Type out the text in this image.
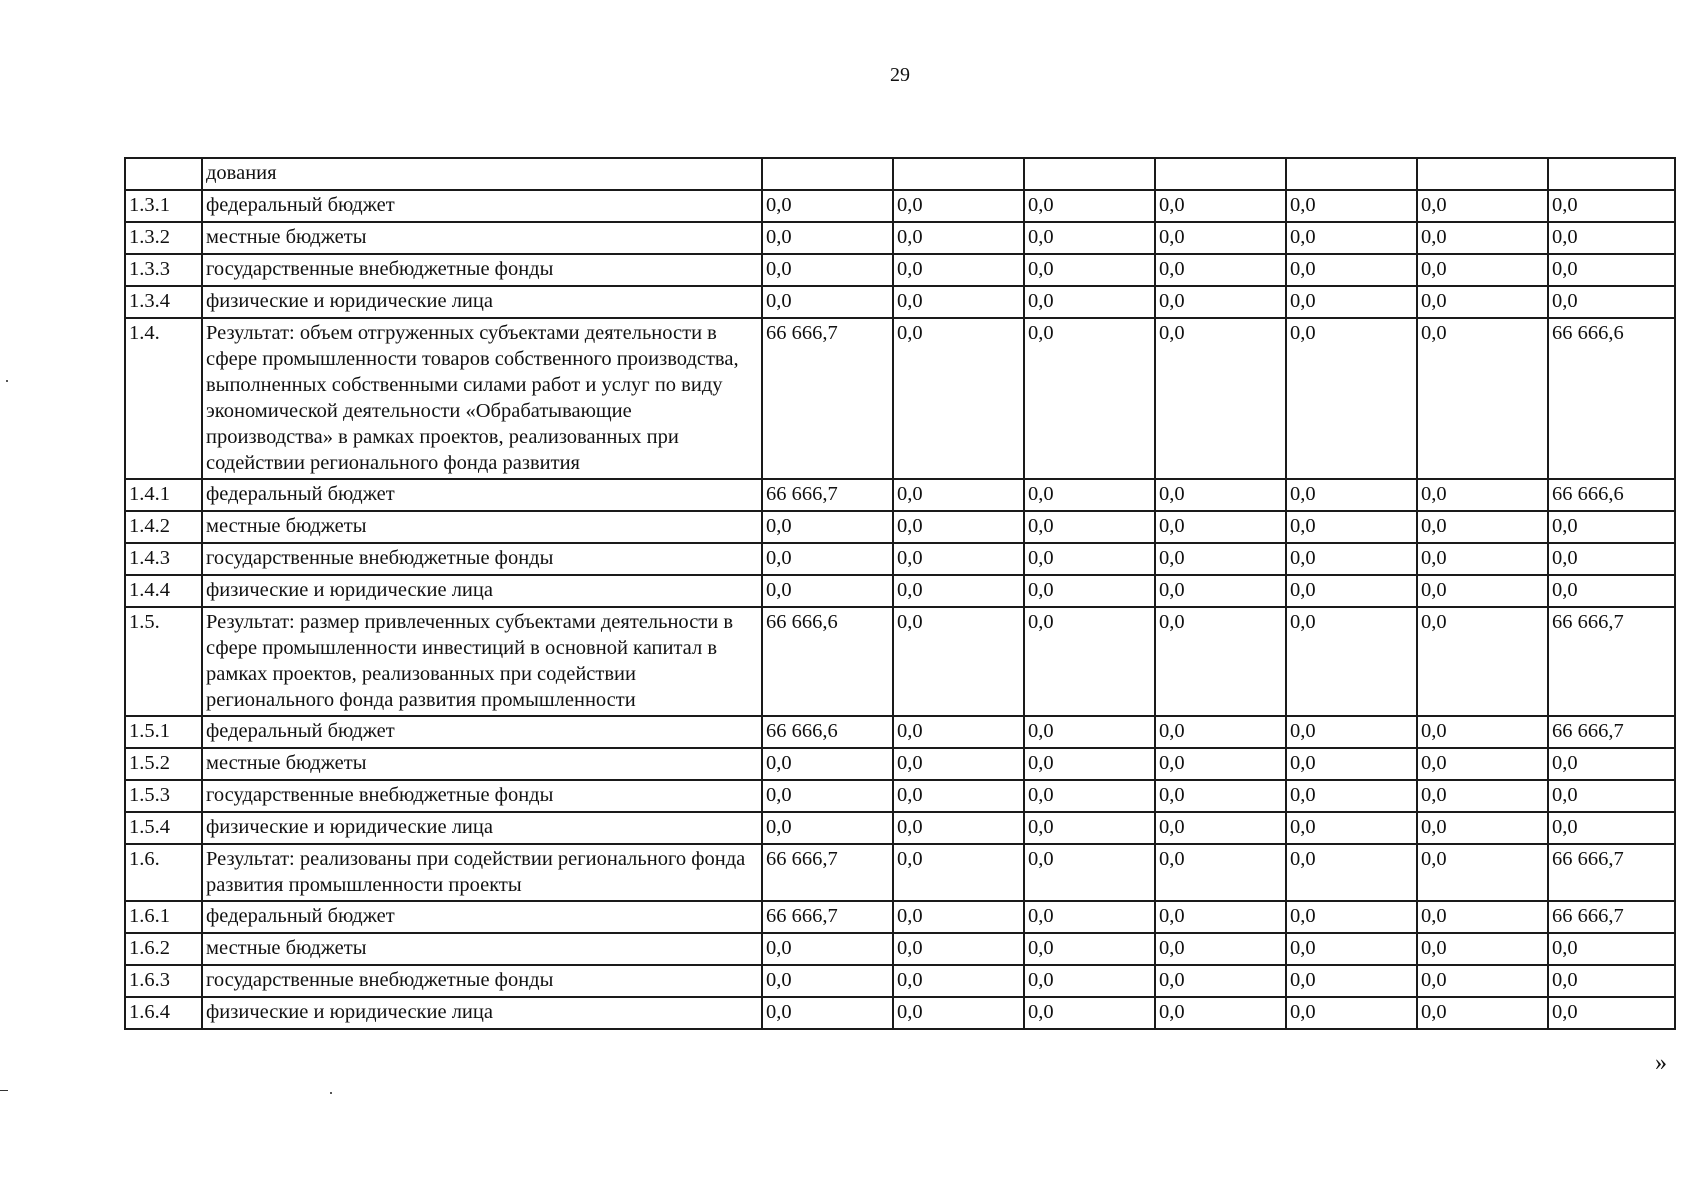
29
	дования							
1.3.1	федеральный бюджет	0,0	0,0	0,0	0,0	0,0	0,0	0,0
1.3.2	местные бюджеты	0,0	0,0	0,0	0,0	0,0	0,0	0,0
1.3.3	государственные внебюджетные фонды	0,0	0,0	0,0	0,0	0,0	0,0	0,0
1.3.4	физические и юридические лица	0,0	0,0	0,0	0,0	0,0	0,0	0,0
1.4.	Результат: объем отгруженных субъектами деятельности в сфере промышленности товаров собственного производства, выполненных собственными силами работ и услуг по виду экономической деятельности «Обрабатывающие производства» в рамках проектов, реализованных при содействии регионального фонда развития	66 666,7	0,0	0,0	0,0	0,0	0,0	66 666,6
1.4.1	федеральный бюджет	66 666,7	0,0	0,0	0,0	0,0	0,0	66 666,6
1.4.2	местные бюджеты	0,0	0,0	0,0	0,0	0,0	0,0	0,0
1.4.3	государственные внебюджетные фонды	0,0	0,0	0,0	0,0	0,0	0,0	0,0
1.4.4	физические и юридические лица	0,0	0,0	0,0	0,0	0,0	0,0	0,0
1.5.	Результат: размер привлеченных субъектами деятельности в сфере промышленности инвестиций в основной капитал в рамках проектов, реализованных при содействии регионального фонда развития промышленности	66 666,6	0,0	0,0	0,0	0,0	0,0	66 666,7
1.5.1	федеральный бюджет	66 666,6	0,0	0,0	0,0	0,0	0,0	66 666,7
1.5.2	местные бюджеты	0,0	0,0	0,0	0,0	0,0	0,0	0,0
1.5.3	государственные внебюджетные фонды	0,0	0,0	0,0	0,0	0,0	0,0	0,0
1.5.4	физические и юридические лица	0,0	0,0	0,0	0,0	0,0	0,0	0,0
1.6.	Результат: реализованы при содействии регионального фонда развития промышленности проекты	66 666,7	0,0	0,0	0,0	0,0	0,0	66 666,7
1.6.1	федеральный бюджет	66 666,7	0,0	0,0	0,0	0,0	0,0	66 666,7
1.6.2	местные бюджеты	0,0	0,0	0,0	0,0	0,0	0,0	0,0
1.6.3	государственные внебюджетные фонды	0,0	0,0	0,0	0,0	0,0	0,0	0,0
1.6.4	физические и юридические лица	0,0	0,0	0,0	0,0	0,0	0,0	0,0
»
